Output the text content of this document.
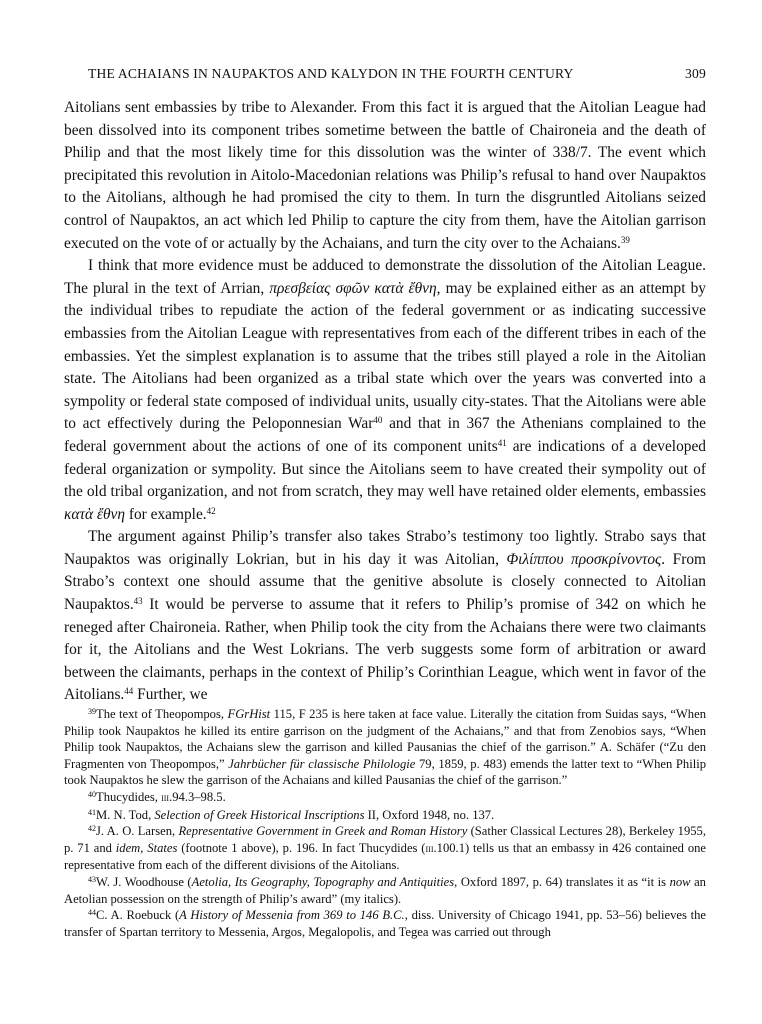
THE ACHAIANS IN NAUPAKTOS AND KALYDON IN THE FOURTH CENTURY	309

Aitolians sent embassies by tribe to Alexander. From this fact it is argued that the Aitolian League had been dissolved into its component tribes sometime between the battle of Chaironeia and the death of Philip and that the most likely time for this dissolution was the winter of 338/7. The event which precipitated this revolution in Aitolo-Macedonian relations was Philip’s refusal to hand over Naupaktos to the Aitolians, although he had promised the city to them. In turn the disgruntled Aitolians seized control of Naupaktos, an act which led Philip to capture the city from them, have the Aitolian garrison executed on the vote of or actually by the Achaians, and turn the city over to the Achaians.$^{39}$

I think that more evidence must be adduced to demonstrate the dissolution of the Aitolian League. The plural in the text of Arrian, πρεσβείας σφῶν κατὰ ἔθνη, may be explained either as an attempt by the individual tribes to repudiate the action of the federal government or as indicating successive embassies from the Aitolian League with representatives from each of the different tribes in each of the embassies. Yet the simplest explanation is to assume that the tribes still played a role in the Aitolian state. The Aitolians had been organized as a tribal state which over the years was converted into a sympolity or federal state composed of individual units, usually city-states. That the Aitolians were able to act effectively during the Peloponnesian War$^{40}$ and that in 367 the Athenians complained to the federal government about the actions of one of its component units$^{41}$ are indications of a developed federal organization or sympolity. But since the Aitolians seem to have created their sympolity out of the old tribal organization, and not from scratch, they may well have retained older elements, embassies κατὰ ἔθνη for example.$^{42}$

The argument against Philip’s transfer also takes Strabo’s testimony too lightly. Strabo says that Naupaktos was originally Lokrian, but in his day it was Aitolian, Φιλίππου προσκρίνοντος. From Strabo’s context one should assume that the genitive absolute is closely connected to Aitolian Naupaktos.$^{43}$ It would be perverse to assume that it refers to Philip’s promise of 342 on which he reneged after Chaironeia. Rather, when Philip took the city from the Achaians there were two claimants for it, the Aitolians and the West Lokrians. The verb suggests some form of arbitration or award between the claimants, perhaps in the context of Philip’s Corinthian League, which went in favor of the Aitolians.$^{44}$ Further, we

$^{39}$The text of Theopompos, FGrHist 115, F 235 is here taken at face value. Literally the citation from Suidas says, “When Philip took Naupaktos he killed its entire garrison on the judgment of the Achaians,” and that from Zenobios says, “When Philip took Naupaktos, the Achaians slew the garrison and killed Pausanias the chief of the garrison.” A. Schäfer (“Zu den Fragmenten von Theopompos,” Jahrbücher für classische Philologie 79, 1859, p. 483) emends the latter text to “When Philip took Naupaktos he slew the garrison of the Achaians and killed Pausanias the chief of the garrison.”

$^{40}$Thucydides, iii.94.3–98.5.

$^{41}$M. N. Tod, Selection of Greek Historical Inscriptions II, Oxford 1948, no. 137.

$^{42}$J. A. O. Larsen, Representative Government in Greek and Roman History (Sather Classical Lectures 28), Berkeley 1955, p. 71 and idem, States (footnote 1 above), p. 196. In fact Thucydides (iii.100.1) tells us that an embassy in 426 contained one representative from each of the different divisions of the Aitolians.

$^{43}$W. J. Woodhouse (Aetolia, Its Geography, Topography and Antiquities, Oxford 1897, p. 64) translates it as “it is now an Aetolian possession on the strength of Philip’s award” (my italics).

$^{44}$C. A. Roebuck (A History of Messenia from 369 to 146 B.C., diss. University of Chicago 1941, pp. 53–56) believes the transfer of Spartan territory to Messenia, Argos, Megalopolis, and Tegea was carried out through
